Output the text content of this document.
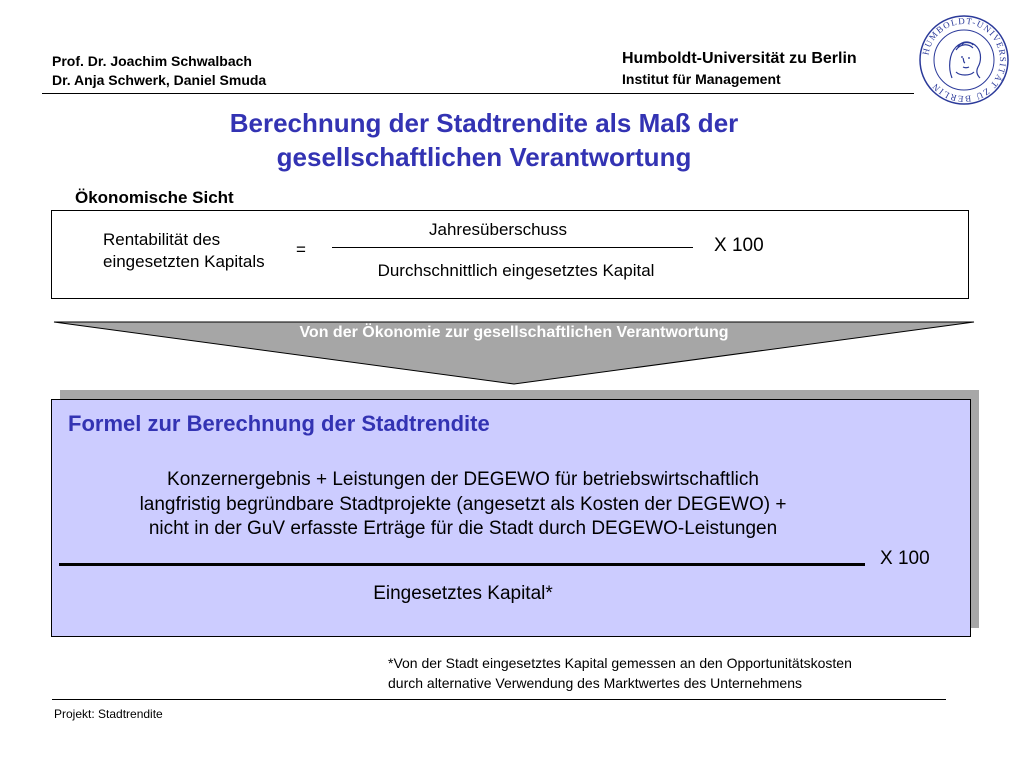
Prof. Dr. Joachim Schwalbach
Dr. Anja Schwerk, Daniel Smuda
Humboldt-Universität zu Berlin
Institut für Management
HUMBOLDT-UNIVERSITÄT ZU BERLIN
Berechnung der Stadtrendite als Maß der gesellschaftlichen Verantwortung
Ökonomische Sicht
Rentabilität des
eingesetzten Kapitals
=
Jahresüberschuss
Durchschnittlich eingesetztes Kapital
X 100
Von der Ökonomie zur gesellschaftlichen Verantwortung
Formel zur Berechnung der Stadtrendite
Konzernergebnis + Leistungen der DEGEWO für betriebswirtschaftlich
langfristig begründbare Stadtprojekte (angesetzt als Kosten der DEGEWO) +
nicht in der GuV erfasste Erträge für die Stadt durch DEGEWO-Leistungen
X 100
Eingesetztes Kapital*
*Von der Stadt eingesetztes Kapital gemessen an den Opportunitätskosten
durch alternative Verwendung des Marktwertes des Unternehmens
Projekt: Stadtrendite
